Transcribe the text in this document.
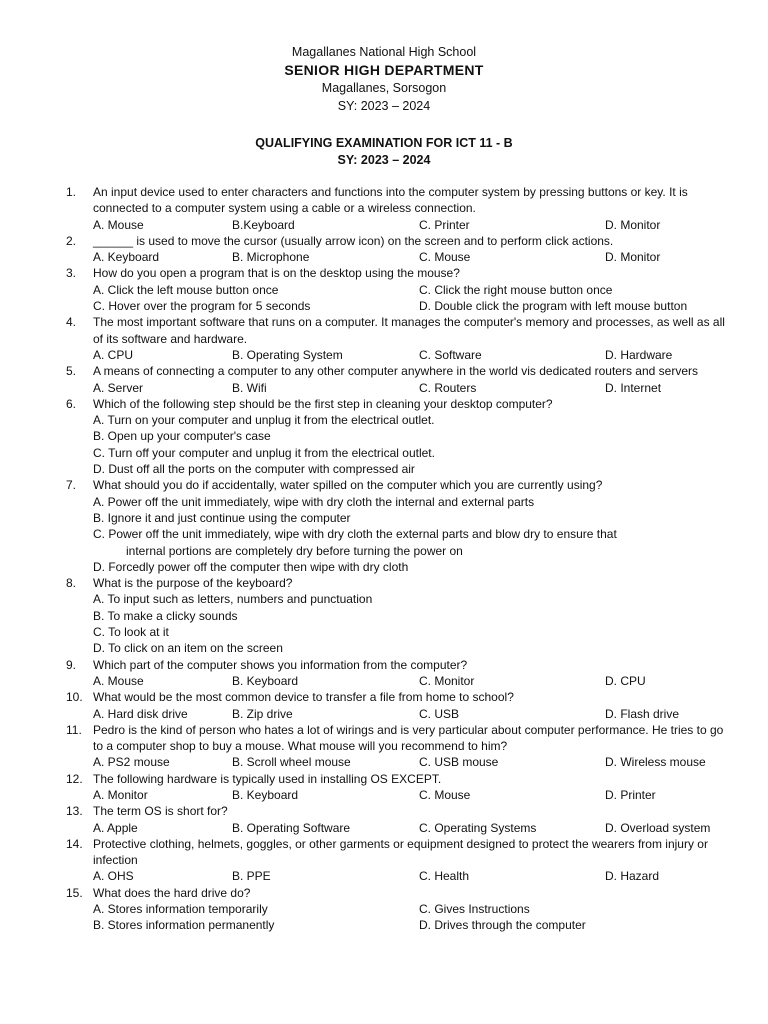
Magallanes National High School
SENIOR HIGH DEPARTMENT
Magallanes, Sorsogon
SY: 2023 – 2024
QUALIFYING EXAMINATION FOR ICT 11 - B
SY: 2023 – 2024
1.	An input device used to enter characters and functions into the computer system by pressing buttons or key. It is connected to a computer system using a cable or a wireless connection.
A. Mouse	B.Keyboard	C. Printer	D. Monitor
2.	______ is used to move the cursor (usually arrow icon) on the screen and to perform click actions.
A. Keyboard	B. Microphone	C. Mouse	D. Monitor
3.	How do you open a program that is on the desktop using the mouse?
A. Click the left mouse button once	C. Click the right mouse button once
C. Hover over the program for 5 seconds	D. Double click the program with left mouse button
4.	The most important software that runs on a computer. It manages the computer's memory and processes, as well as all of its software and hardware.
A. CPU	B. Operating System	C. Software	D. Hardware
5.	A means of connecting a computer to any other computer anywhere in the world vis dedicated routers and servers
A. Server	B. Wifi	C. Routers	D. Internet
6.	Which of the following step should be the first step in cleaning your desktop computer?
A. Turn on your computer and unplug it from the electrical outlet.
B. Open up your computer's case
C. Turn off your computer and unplug it from the electrical outlet.
D. Dust off all the ports on the computer with compressed air
7.	What should you do if accidentally, water spilled on the computer which you are currently using?
A. Power off the unit immediately, wipe with dry cloth the internal and external parts
B. Ignore it and just continue using the computer
C. Power off the unit immediately, wipe with dry cloth the external parts and blow dry to ensure that
internal portions are completely dry before turning the power on
D. Forcedly power off the computer then wipe with dry cloth
8.	What is the purpose of the keyboard?
A. To input such as letters, numbers and punctuation
B. To make a clicky sounds
C. To look at it
D. To click on an item on the screen
9.	Which part of the computer shows you information from the computer?
A. Mouse	B. Keyboard	C. Monitor	D. CPU
10. What would be the most common device to transfer a file from home to school?
A. Hard disk drive	B. Zip drive	C. USB	D. Flash drive
11. Pedro is the kind of person who hates a lot of wirings and is very particular about computer performance. He tries to go to a computer shop to buy a mouse. What mouse will you recommend to him?
A. PS2 mouse	B. Scroll wheel mouse	C. USB mouse	D. Wireless mouse
12. The following hardware is typically used in installing OS EXCEPT.
A. Monitor	B. Keyboard	C. Mouse	D. Printer
13. The term OS is short for?
A. Apple	B. Operating Software	C. Operating Systems	D. Overload system
14. Protective clothing, helmets, goggles, or other garments or equipment designed to protect the wearers from injury or infection
A. OHS	B. PPE	C. Health	D. Hazard
15. What does the hard drive do?
A. Stores information temporarily	C. Gives Instructions
B. Stores information permanently	D. Drives through the computer
